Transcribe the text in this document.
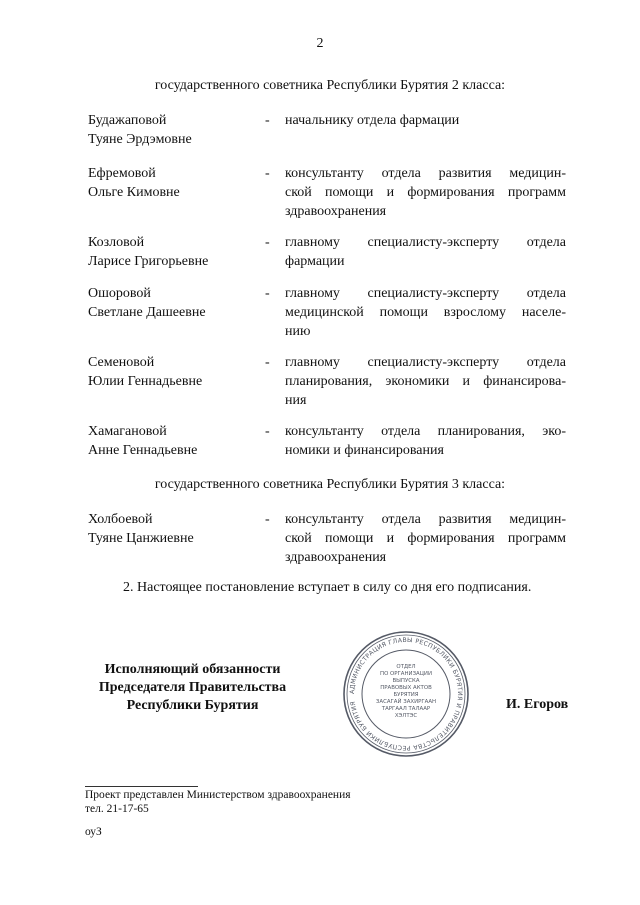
2
государственного советника Республики Бурятия 2 класса:
Будажаповой
Туяне Эрдэмовне
- начальнику отдела фармации
Ефремовой
Ольге Кимовне
- консультанту отдела развития медицин-
ской помощи и формирования программ
здравоохранения
Козловой
Ларисе Григорьевне
- главному специалисту-эксперту отдела
фармации
Ошоровой
Светлане Дашеевне
- главному специалисту-эксперту отдела
медицинской помощи взрослому населе-
нию
Семеновой
Юлии Геннадьевне
- главному специалисту-эксперту отдела
планирования, экономики и финансирова-
ния
Хамагановой
Анне Геннадьевне
- консультанту отдела планирования, эко-
номики и финансирования
государственного советника Республики Бурятия 3 класса:
Холбоевой
Туяне Цанжиевне
- консультанту отдела развития медицин-
ской помощи и формирования программ
здравоохранения
2. Настоящее постановление вступает в силу со дня его подписания.
Исполняющий обязанности
Председателя Правительства
Республики Бурятия
АДМИНИСТРАЦИЯ ГЛАВЫ РЕСПУБЛИКИ БУРЯТИЯ И ПРАВИТЕЛЬСТВА РЕСПУБЛИКИ БУРЯТИЯ
ОТДЕЛ
ПО ОРГАНИЗАЦИИ
ВЫПУСКА
ПРАВОВЫХ АКТОВ
БУРЯТИЯ
ЗАСАГАЙ ЗАХИРГААН
ТАРГААЛ ТАЛААР
ХЭЛТЭС
И. Егоров
Проект представлен Министерством здравоохранения
тел. 21-17-65
оуЗ
